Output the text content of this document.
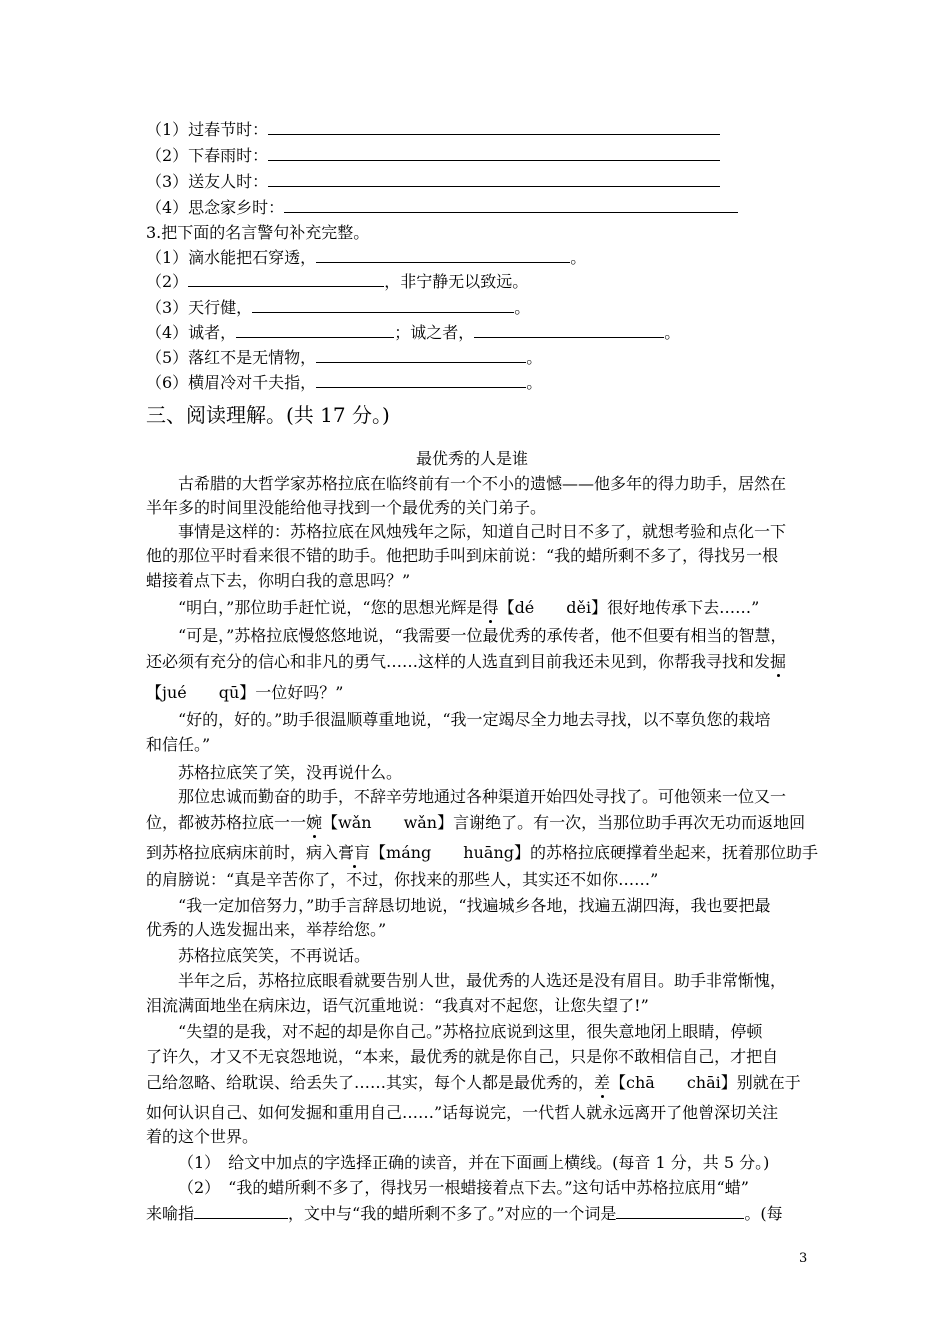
（1）过春节时：
（2）下春雨时：
（3）送友人时：
（4）思念家乡时：
3.把下面的名言警句补充完整。
（1）滴水能把石穿透，	。
（2）	，非宁静无以致远。
（3）天行健，	。
（4）诚者，	；诚之者，	。
（5）落红不是无情物，	。
（6）横眉冷对千夫指，	。
三、阅读理解。(共 17 分。)
最优秀的人是谁
古希腊的大哲学家苏格拉底在临终前有一个不小的遗憾——他多年的得力助手，居然在
半年多的时间里没能给他寻找到一个最优秀的关门弟子。
事情是这样的：苏格拉底在风烛残年之际，知道自己时日不多了，就想考验和点化一下
他的那位平时看来很不错的助手。他把助手叫到床前说：“我的蜡所剩不多了，得找另一根
蜡接着点下去，你明白我的意思吗？”
“明白，”那位助手赶忙说，“您的思想光辉是得【dé　　děi】很好地传承下去……”
“可是，”苏格拉底慢悠悠地说，“我需要一位最优秀的承传者，他不但要有相当的智慧，
还必须有充分的信心和非凡的勇气……这样的人选直到目前我还未见到，你帮我寻找和发掘
【jué　　qū】一位好吗？”
“好的，好的。”助手很温顺尊重地说，“我一定竭尽全力地去寻找，以不辜负您的栽培
和信任。”
苏格拉底笑了笑，没再说什么。
那位忠诚而勤奋的助手，不辞辛劳地通过各种渠道开始四处寻找了。可他领来一位又一
位，都被苏格拉底一一婉【wǎn　　wǎn】言谢绝了。有一次，当那位助手再次无功而返地回
到苏格拉底病床前时，病入膏肓【máng　　huāng】的苏格拉底硬撑着坐起来，抚着那位助手
的肩膀说：“真是辛苦你了，不过，你找来的那些人，其实还不如你……”
“我一定加倍努力，”助手言辞恳切地说，“找遍城乡各地，找遍五湖四海，我也要把最
优秀的人选发掘出来，举荐给您。”
苏格拉底笑笑，不再说话。
半年之后，苏格拉底眼看就要告别人世，最优秀的人选还是没有眉目。助手非常惭愧，
泪流满面地坐在病床边，语气沉重地说：“我真对不起您，让您失望了!”
“失望的是我，对不起的却是你自己。”苏格拉底说到这里，很失意地闭上眼睛，停顿
了许久，才又不无哀怨地说，“本来，最优秀的就是你自己，只是你不敢相信自己，才把自
己给忽略、给耽误、给丢失了……其实，每个人都是最优秀的，差【chā　　chāi】别就在于
如何认识自己、如何发掘和重用自己……”话每说完，一代哲人就永远离开了他曾深切关注
着的这个世界。
（1）　给文中加点的字选择正确的读音，并在下面画上横线。(每音 1 分，共 5 分。)
（2）　“我的蜡所剩不多了，得找另一根蜡接着点下去。”这句话中苏格拉底用“蜡”
来喻指	，文中与“我的蜡所剩不多了。”对应的一个词是	。(每
3
